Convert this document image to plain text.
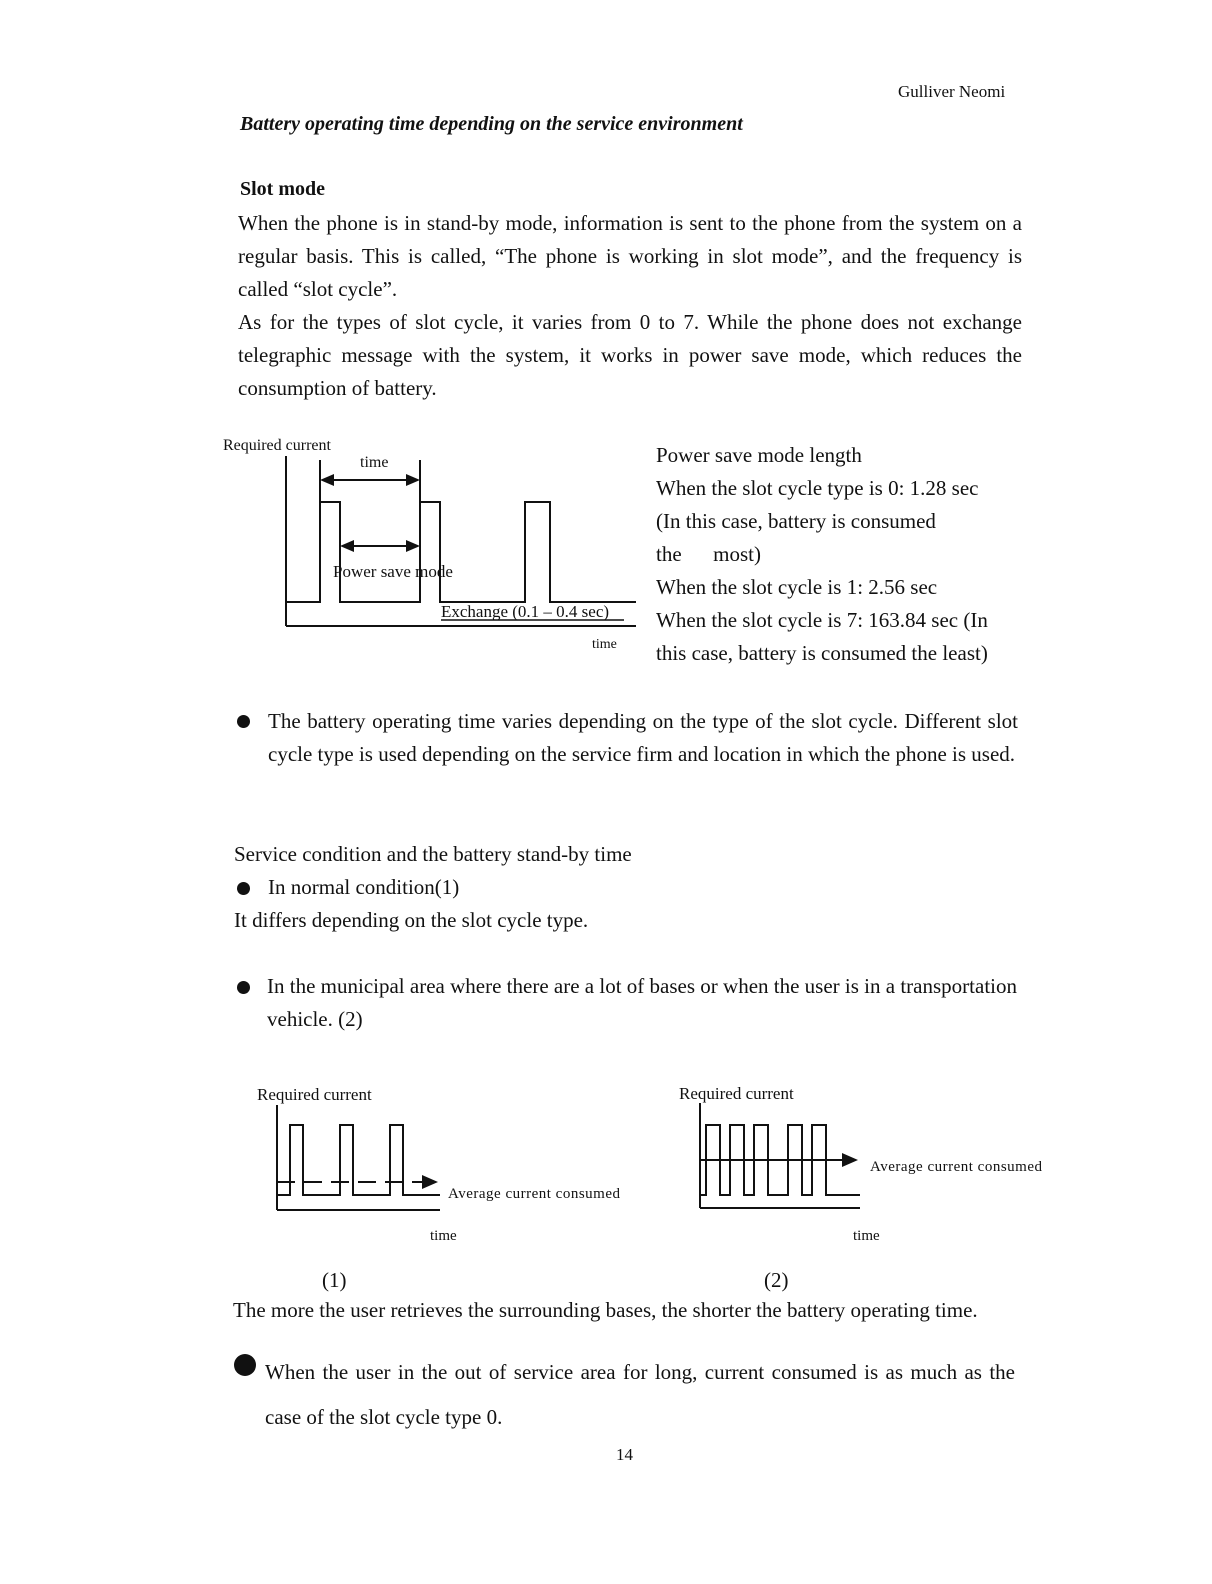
Gulliver Neomi
Battery operating time depending on the service environment
Slot mode
When the phone is in stand-by mode, information is sent to the phone from the system on a regular basis. This is called, “The phone is working in slot mode”, and the frequency is called “slot cycle”.
As for the types of slot cycle, it varies from 0 to 7. While the phone does not exchange telegraphic message with the system, it works in power save mode, which reduces the consumption of battery.
Required current
time
Power save mode
Exchange (0.1 – 0.4 sec)
time
Power save mode length
When the slot cycle type is 0: 1.28 sec
(In this case, battery is consumed
the      most)
When the slot cycle is 1: 2.56 sec
When the slot cycle is 7: 163.84 sec (In
this case, battery is consumed the least)
The battery operating time varies depending on the type of the slot cycle. Different slot cycle type is used depending on the service firm and location in which the phone is used.
Service condition and the battery stand-by time
In normal condition(1)
It differs depending on the slot cycle type.
In the municipal area where there are a lot of bases or when the user is in a transportation vehicle. (2)
Required current
Average current consumed
time
Required current
Average current consumed
time
(1)	(2)
The more the user retrieves the surrounding bases, the shorter the battery operating time.
When the user in the out of service area for long, current consumed is as much as the case of the slot cycle type 0.
14
